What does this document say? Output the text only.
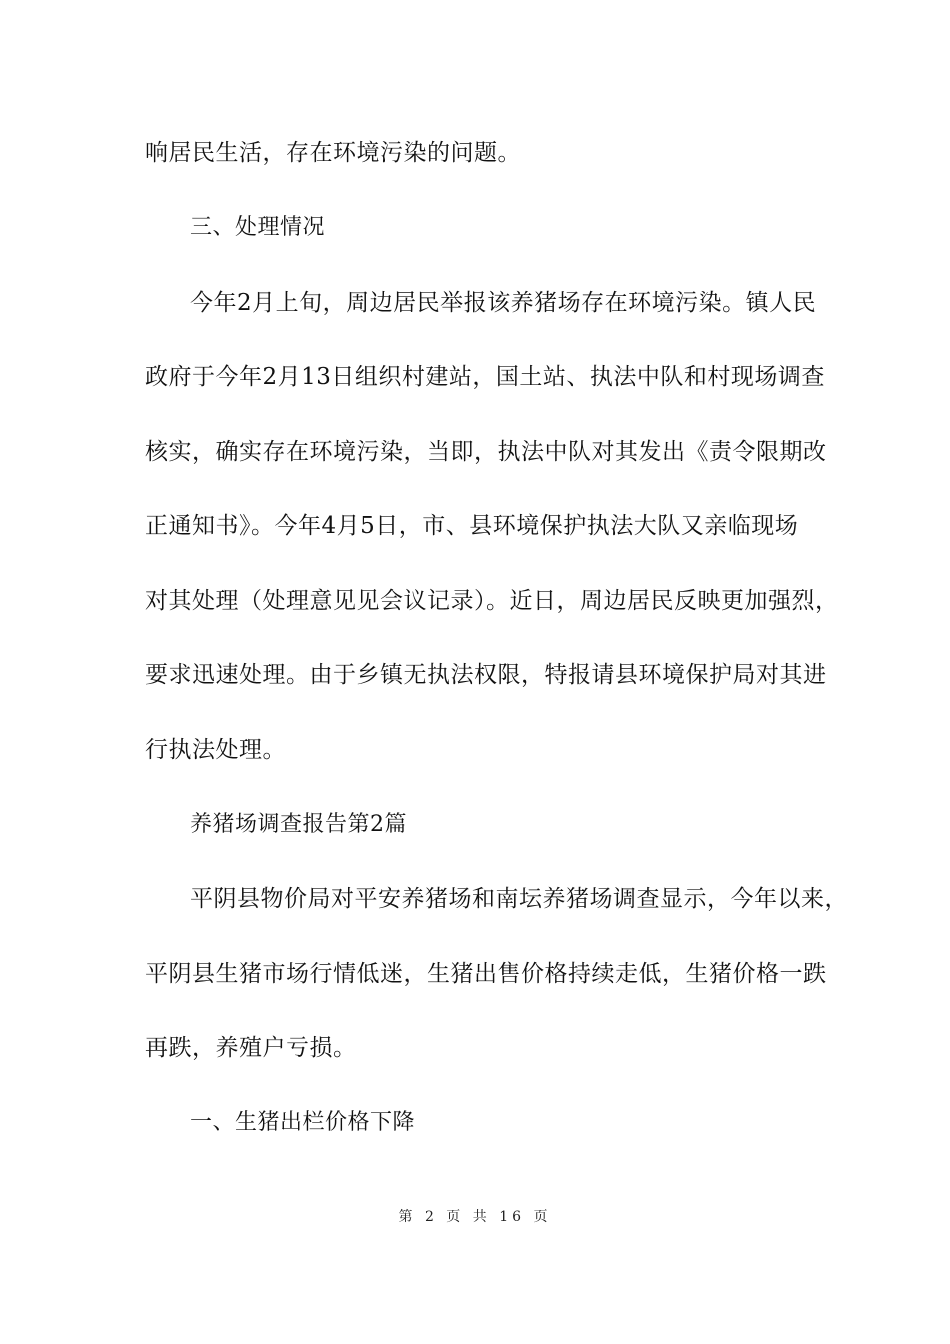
响居民生活，存在环境污染的问题。
三、处理情况
今年2月上旬，周边居民举报该养猪场存在环境污染。镇人民
政府于今年2月13日组织村建站，国土站、执法中队和村现场调查
核实，确实存在环境污染，当即，执法中队对其发出《责令限期改
正通知书》。今年4月5日，市、县环境保护执法大队又亲临现场
对其处理（处理意见见会议记录）。近日，周边居民反映更加强烈，
要求迅速处理。由于乡镇无执法权限，特报请县环境保护局对其进
行执法处理。
养猪场调查报告第2篇
平阴县物价局对平安养猪场和南坛养猪场调查显示，今年以来，
平阴县生猪市场行情低迷，生猪出售价格持续走低，生猪价格一跌
再跌，养殖户亏损。
一、生猪出栏价格下降
第 2 页 共 16 页
